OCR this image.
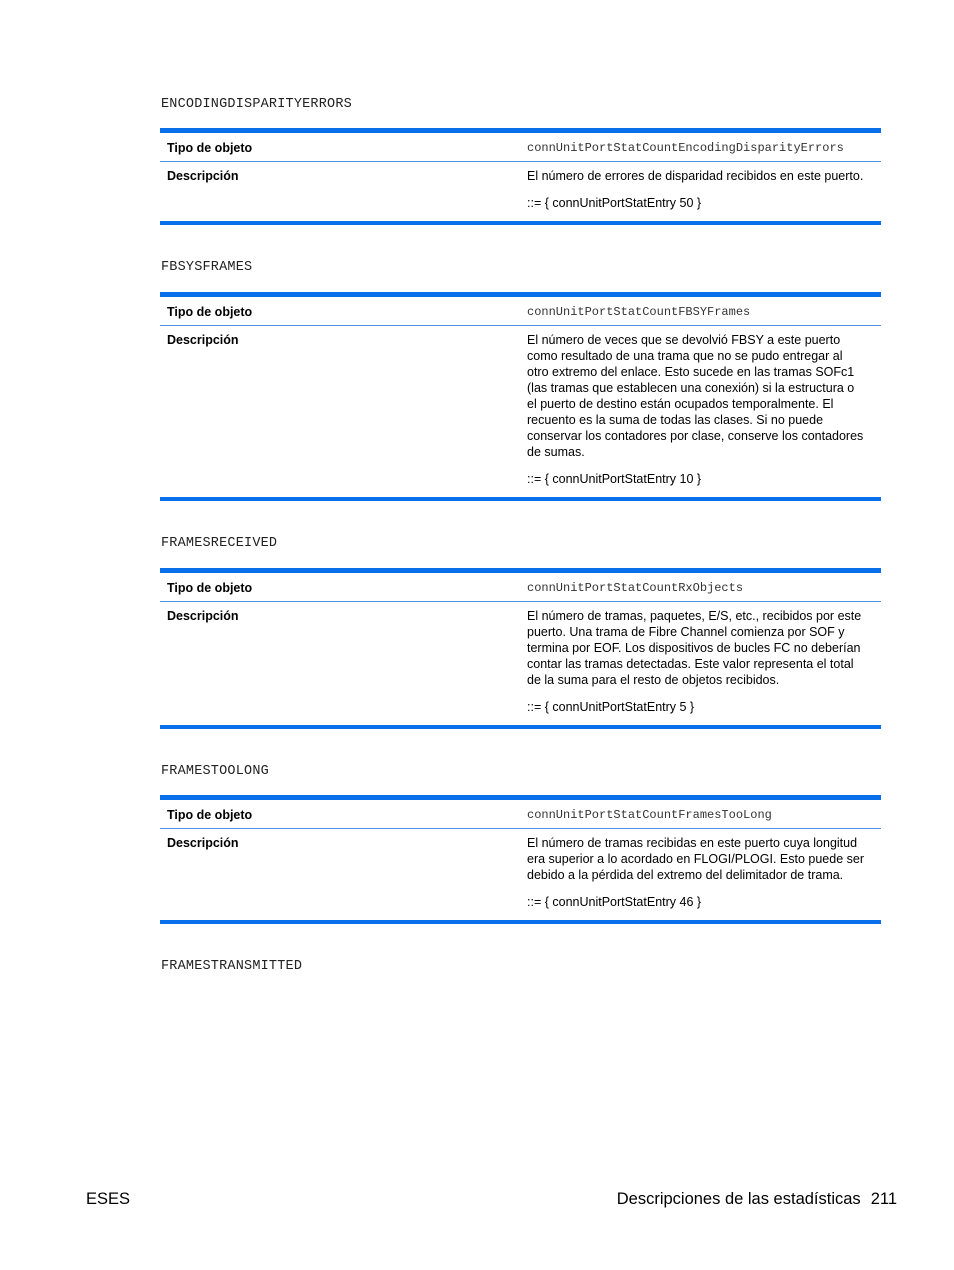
ENCODINGDISPARITYERRORS
Tipo de objeto	connUnitPortStatCountEncodingDisparityErrors
Descripción	El número de errores de disparidad recibidos en este puerto.

::= { connUnitPortStatEntry 50 }

FBSYSFRAMES
Tipo de objeto	connUnitPortStatCountFBSYFrames
Descripción	El número de veces que se devolvió FBSY a este puerto

como resultado de una trama que no se pudo entregar al

otro extremo del enlace. Esto sucede en las tramas SOFc1

(las tramas que establecen una conexión) si la estructura o

el puerto de destino están ocupados temporalmente. El

recuento es la suma de todas las clases. Si no puede

conservar los contadores por clase, conserve los contadores

de sumas.

::= { connUnitPortStatEntry 10 }

FRAMESRECEIVED
Tipo de objeto	connUnitPortStatCountRxObjects
Descripción	El número de tramas, paquetes, E/S, etc., recibidos por este

puerto. Una trama de Fibre Channel comienza por SOF y

termina por EOF. Los dispositivos de bucles FC no deberían

contar las tramas detectadas. Este valor representa el total

de la suma para el resto de objetos recibidos.

::= { connUnitPortStatEntry 5 }

FRAMESTOOLONG
Tipo de objeto	connUnitPortStatCountFramesTooLong
Descripción	El número de tramas recibidas en este puerto cuya longitud

era superior a lo acordado en FLOGI/PLOGI. Esto puede ser

debido a la pérdida del extremo del delimitador de trama.

::= { connUnitPortStatEntry 46 }

FRAMESTRANSMITTED
ESES	Descripciones de las estadísticas 211
